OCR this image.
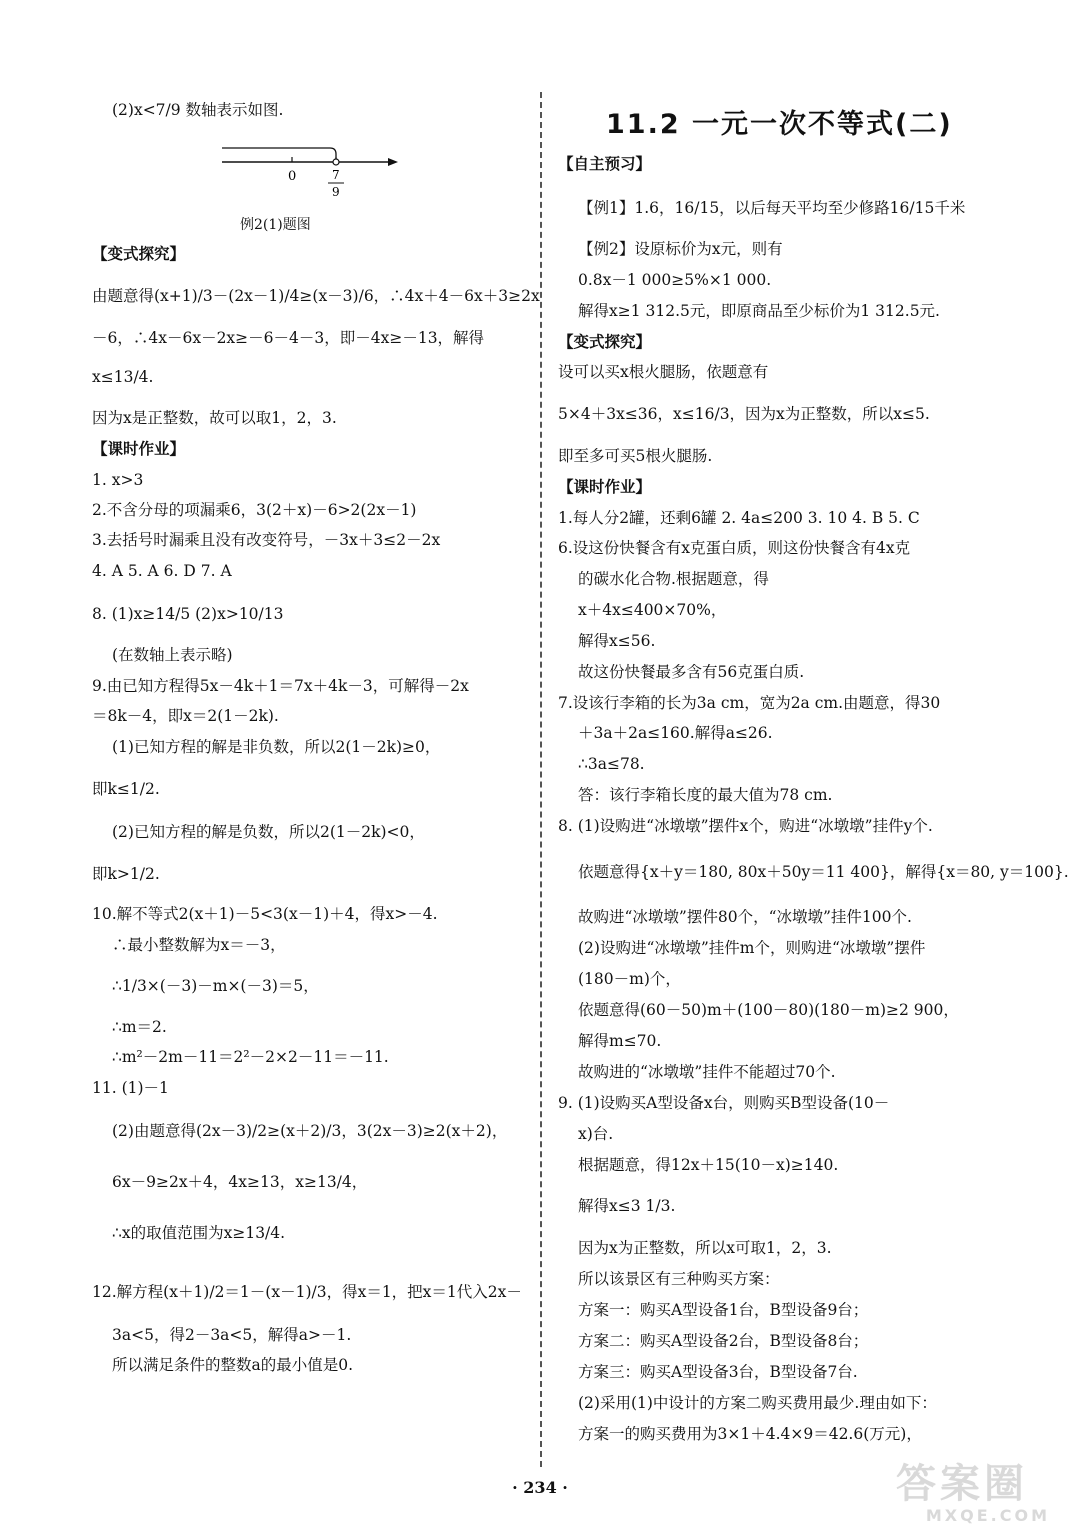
(2)x<7/9 数轴表示如图.
0	7
9
例2(1)题图
【变式探究】
由题意得(x+1)/3－(2x－1)/4≥(x－3)/6，∴4x＋4－6x＋3≥2x
－6，∴4x－6x－2x≥－6－4－3，即－4x≥－13，解得
x≤13/4.
因为x是正整数，故可以取1，2，3.
【课时作业】
1. x>3
2.不含分母的项漏乘6，3(2＋x)－6>2(2x－1)
3.去括号时漏乘且没有改变符号，－3x＋3≤2－2x
4. A 5. A 6. D 7. A
8. (1)x≥14/5 (2)x>10/13
(在数轴上表示略)
9.由已知方程得5x－4k＋1＝7x＋4k－3，可解得－2x
＝8k－4，即x＝2(1－2k).
(1)已知方程的解是非负数，所以2(1－2k)≥0，
即k≤1/2.
(2)已知方程的解是负数，所以2(1－2k)<0，
即k>1/2.
10.解不等式2(x＋1)－5<3(x－1)＋4，得x>－4.
∴最小整数解为x＝－3，
∴1/3×(－3)－m×(－3)＝5，
∴m＝2.
∴m²－2m－11＝2²－2×2－11＝－11.
11. (1)－1
(2)由题意得(2x－3)/2≥(x＋2)/3，3(2x－3)≥2(x＋2)，
6x－9≥2x＋4，4x≥13，x≥13/4，
∴x的取值范围为x≥13/4.
12.解方程(x＋1)/2＝1－(x－1)/3，得x＝1，把x＝1代入2x－
3a<5，得2－3a<5，解得a>－1.
所以满足条件的整数a的最小值是0.
11.2 一元一次不等式(二)
【自主预习】
【例1】1.6，16/15，以后每天平均至少修路16/15千米
【例2】设原标价为x元，则有
0.8x－1 000≥5%×1 000.
解得x≥1 312.5元，即原商品至少标价为1 312.5元.
【变式探究】
设可以买x根火腿肠，依题意有
5×4＋3x≤36，x≤16/3，因为x为正整数，所以x≤5.
即至多可买5根火腿肠.
【课时作业】
1.每人分2罐，还剩6罐 2. 4a≤200 3. 10 4. B 5. C
6.设这份快餐含有x克蛋白质，则这份快餐含有4x克
的碳水化合物.根据题意，得
x＋4x≤400×70%，
解得x≤56.
故这份快餐最多含有56克蛋白质.
7.设该行李箱的长为3a cm，宽为2a cm.由题意，得30
＋3a＋2a≤160.解得a≤26.
∴3a≤78.
答：该行李箱长度的最大值为78 cm.
8. (1)设购进“冰墩墩”摆件x个，购进“冰墩墩”挂件y个.
依题意得{x＋y＝180, 80x＋50y＝11 400}，解得{x＝80, y＝100}.
故购进“冰墩墩”摆件80个，“冰墩墩”挂件100个.
(2)设购进“冰墩墩”挂件m个，则购进“冰墩墩”摆件
(180－m)个，
依题意得(60－50)m＋(100－80)(180－m)≥2 900，
解得m≤70.
故购进的“冰墩墩”挂件不能超过70个.
9. (1)设购买A型设备x台，则购买B型设备(10－
x)台.
根据题意，得12x＋15(10－x)≥140.
解得x≤3 1/3.
因为x为正整数，所以x可取1，2，3.
所以该景区有三种购买方案：
方案一：购买A型设备1台，B型设备9台；
方案二：购买A型设备2台，B型设备8台；
方案三：购买A型设备3台，B型设备7台.
(2)采用(1)中设计的方案二购买费用最少.理由如下：
方案一的购买费用为3×1＋4.4×9＝42.6(万元)，
· 234 ·	答案圈
MXQE.COM
